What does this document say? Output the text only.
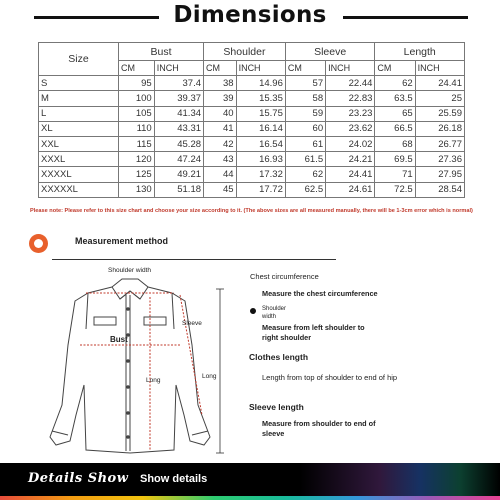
Dimensions
Size	Bust		Shoulder		Sleeve		Length	
	CM	INCH	CM	INCH	CM	INCH	CM	INCH
S	95	37.4	38	14.96	57	22.44	62	24.41
M	100	39.37	39	15.35	58	22.83	63.5	25
L	105	41.34	40	15.75	59	23.23	65	25.59
XL	110	43.31	41	16.14	60	23.62	66.5	26.18
XXL	115	45.28	42	16.54	61	24.02	68	26.77
XXXL	120	47.24	43	16.93	61.5	24.21	69.5	27.36
XXXXL	125	49.21	44	17.32	62	24.41	71	27.95
XXXXXL	130	51.18	45	17.72	62.5	24.61	72.5	28.54
Please note: Please refer to this size chart and choose your size according to it. (The above sizes are all measured manually, there will be 1-3cm error which is normal)
Measurement method
Shoulder width
Bust
Sleeve
Long
Long
Chest circumference
Measure the chest circumference
Shoulder
width
Measure from left shoulder to
right shoulder
Clothes length
Length from top of shoulder to end of hip
Sleeve length
Measure from shoulder to end of
sleeve
Details Show Show details
